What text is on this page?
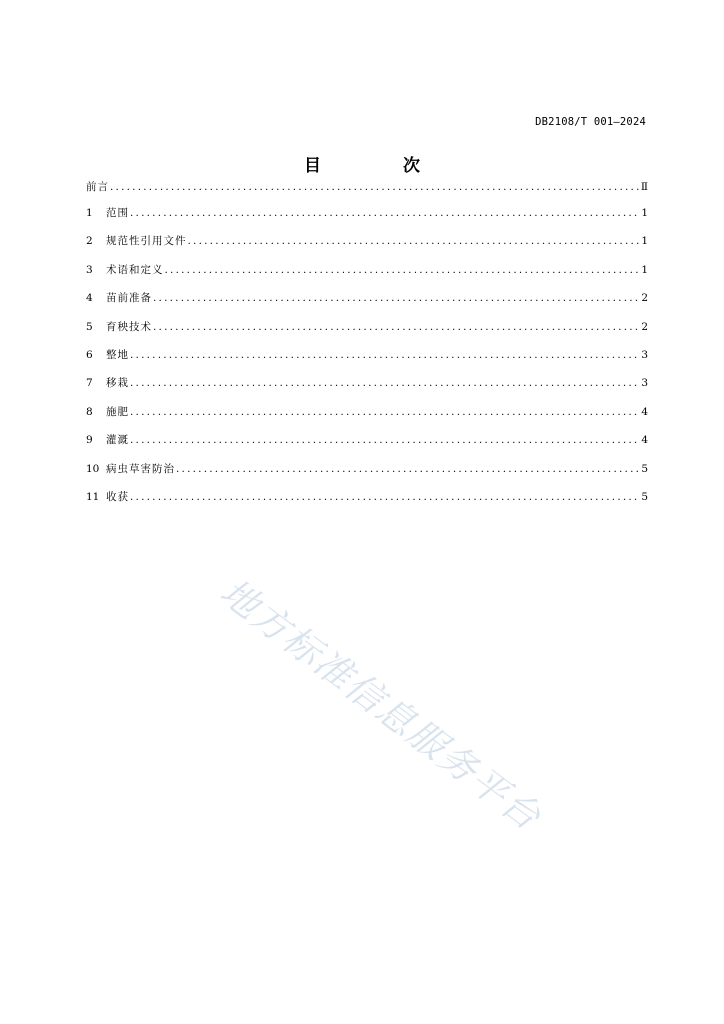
DB2108/T 001—2024
目 次
前言 .....	Ⅱ
1	范围 .....	1
2	规范性引用文件 .....	1
3	术语和定义 .....	1
4	苗前准备 .....	2
5	育秧技术 .....	2
6	整地 .....	3
7	移栽 .....	3
8	施肥 .....	4
9	灌溉 .....	4
10 病虫草害防治 .....	5
11 收获 .....	5
地方标准信息服务平台
